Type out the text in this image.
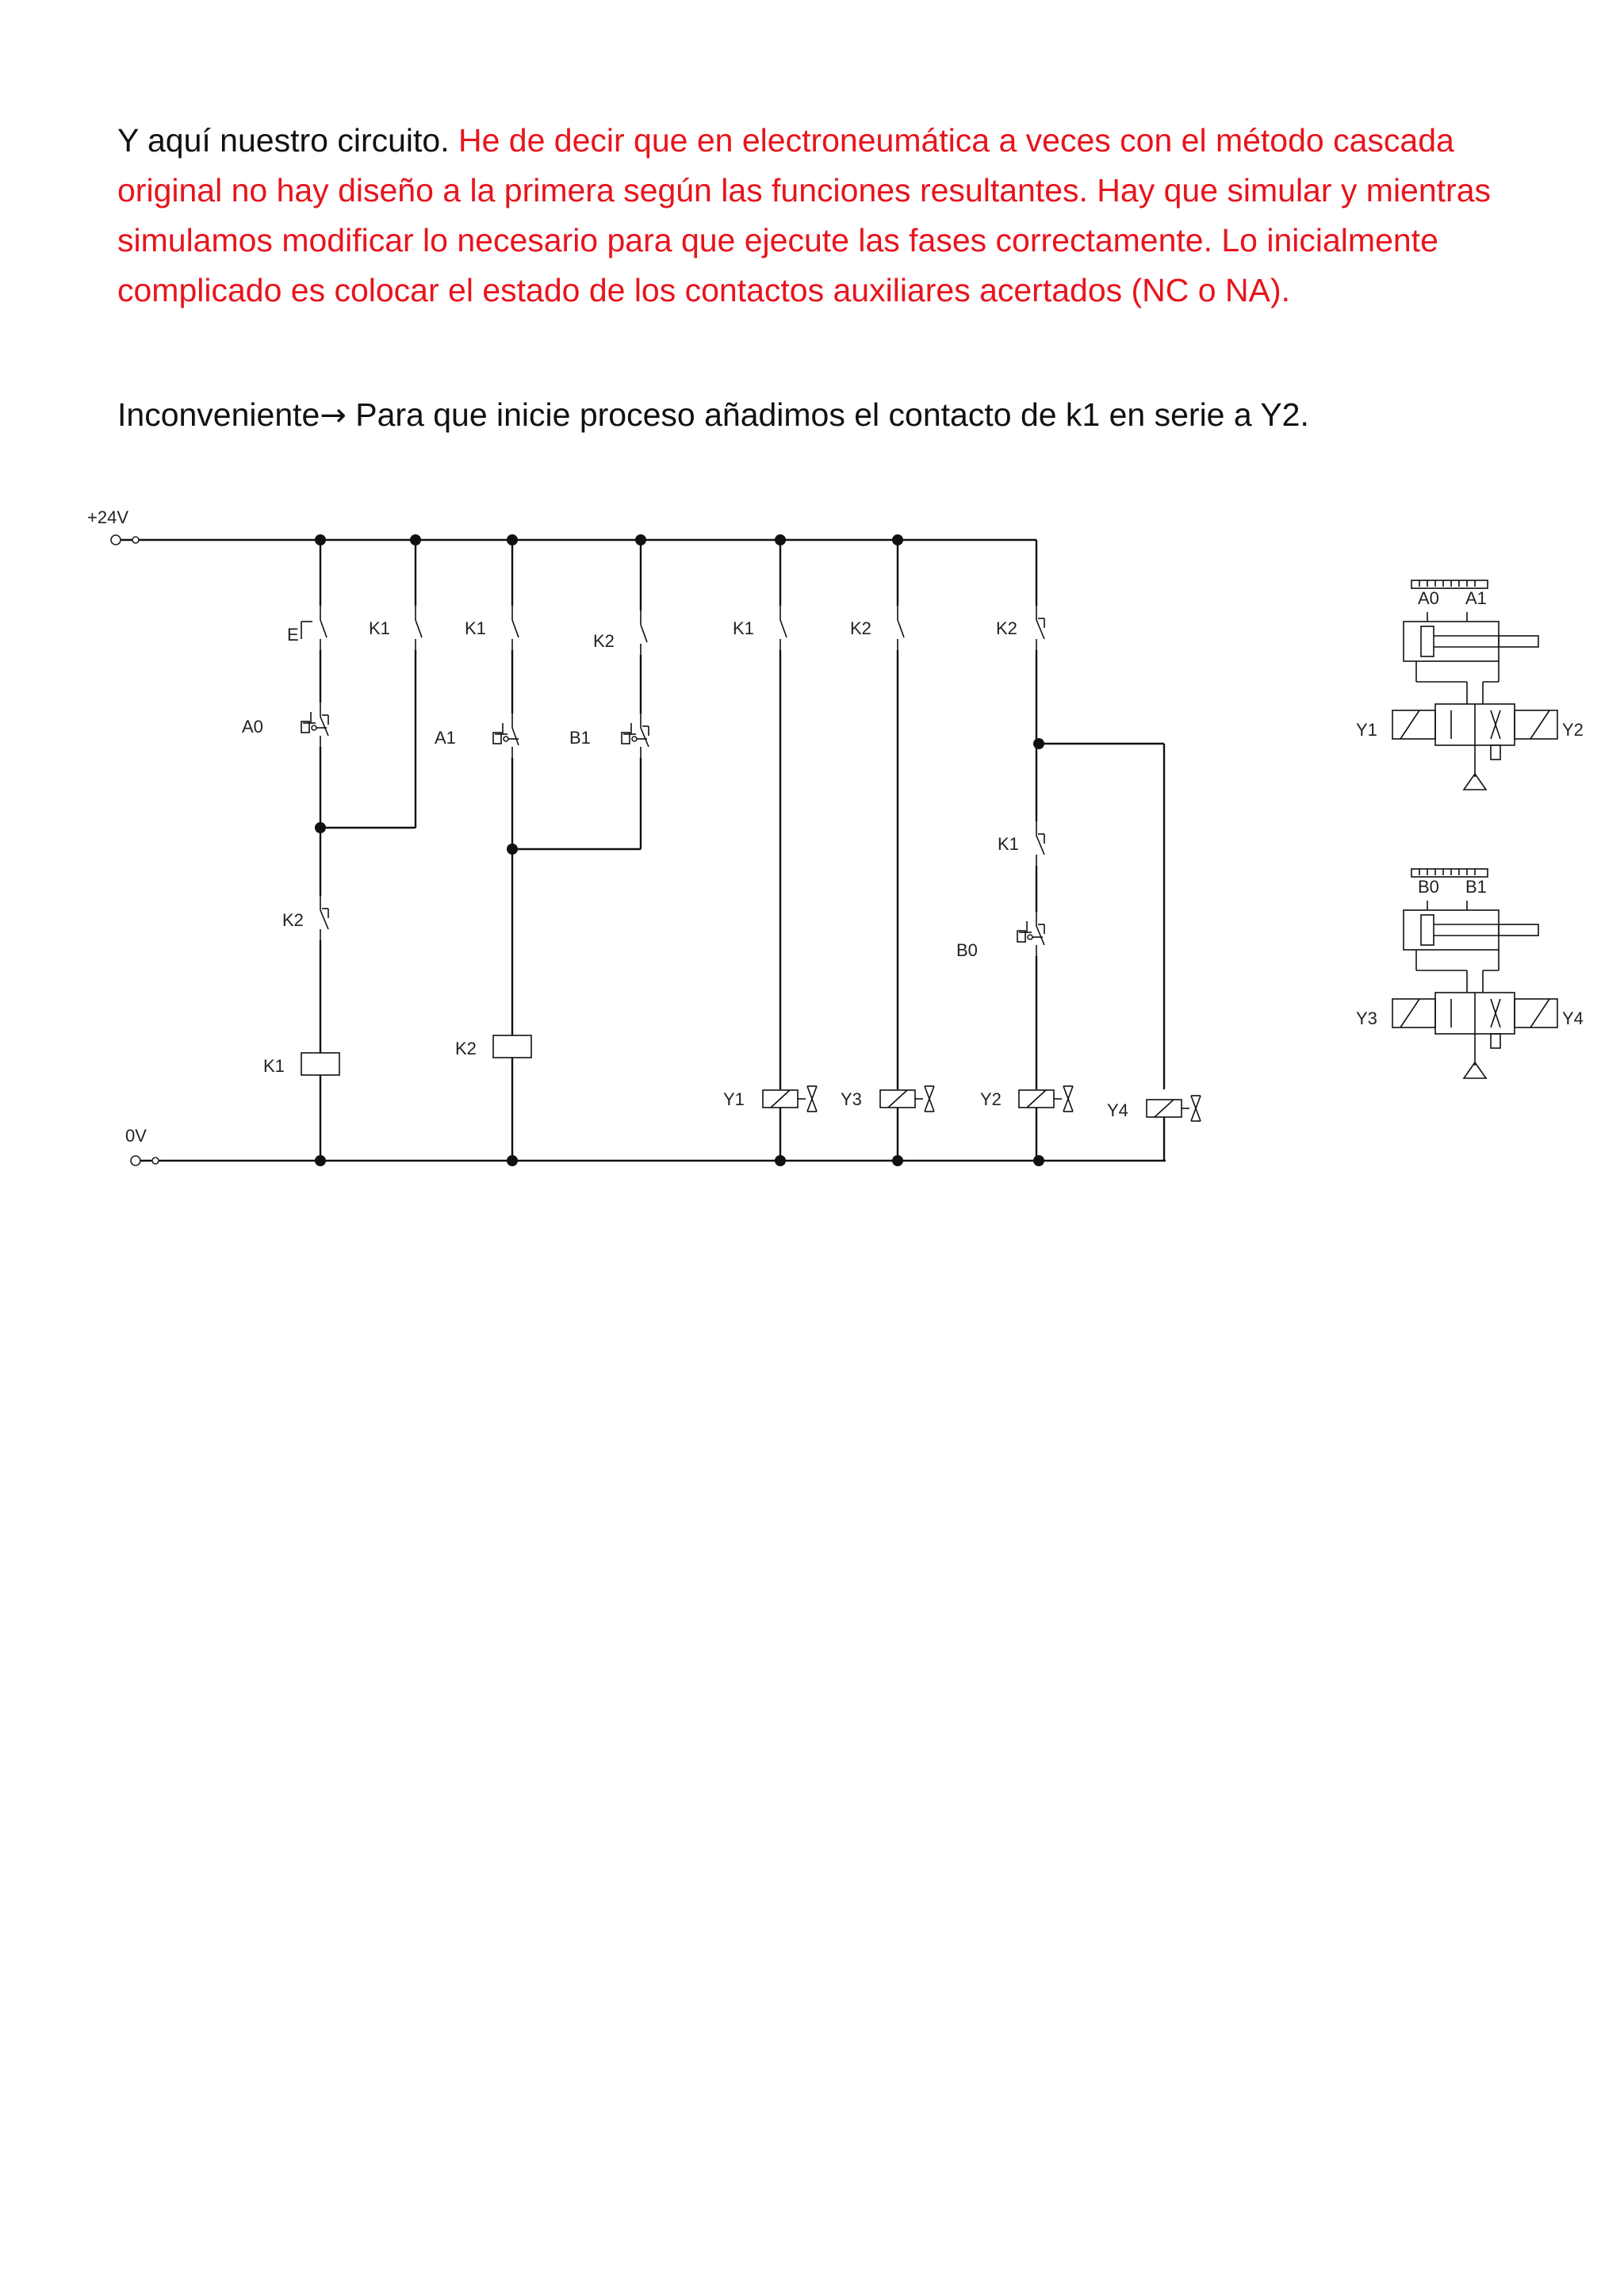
Y aquí nuestro circuito. He de decir que en electroneumática a veces con el método cascada original no hay diseño a la primera según las funciones resultantes. Hay que simular y mientras simulamos modificar lo necesario para que ejecute las fases correctamente. Lo inicialmente complicado es colocar el estado de los contactos auxiliares acertados (NC o NA).

Inconveniente→ Para que inicie proceso añadimos el contacto de k1 en serie a Y2.

+24V
0V
E
A0
K2
K1
K1	K1
A1
K2
K2
B1
K1
Y1
K2
Y3
K2
K1
B0
Y2
Y4
A0 A1
Y1	Y2
B0 B1
Y3	Y4
